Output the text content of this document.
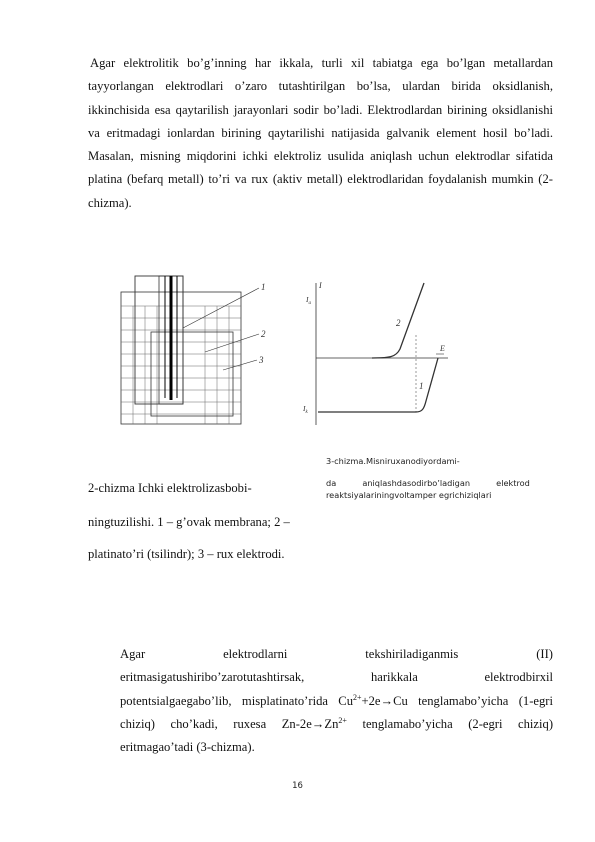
Agar elektrolitik bo’g’inning har ikkala, turli xil tabiatga ega bo’lgan metallardan tayyorlangan elektrodlari o’zaro tutashtirilgan bo’lsa, ulardan birida oksidlanish, ikkinchisida esa qaytarilish jarayonlari sodir bo’ladi. Elektrodlardan birining oksidlanishi va eritmadagi ionlardan birining qaytarilishi natijasida galvanik element hosil bo’ladi. Masalan, misning miqdorini ichki elektroliz usulida aniqlash uchun elektrodlar sifatida platina (befarq metall) to’ri va rux (aktiv metall) elektrodlaridan foydalanish mumkin (2-chizma).
1
2
3
I
$I_a$
$I_k$
E
2
1
3-chizma.Misniruxanodiyordami-
da	aniqlashdasodirbo’ladigan	elektrod
reaktsiyalariningvoltamper egrichiziqlari
2-chizma Ichki elektrolizasbobi-
ningtuzilishi. 1 – g’ovak membrana; 2 –
platinato’ri (tsilindr); 3 – rux elektrodi.
Agar	elektrodlarni	tekshiriladiganmis	(II)
eritmasigatushiribo’zarotutashtirsak,	harikkala	elektrodbirxil
potentsialgaegabo’lib, misplatinato’rida $Cu^{2+}+2e\to Cu$ tenglamabo’yicha (1-egri chiziq) cho’kadi, ruxesa $Zn-2e\to Zn^{2+}$ tenglamabo’yicha (2-egri chiziq) eritmagao’tadi (3-chizma).
16
